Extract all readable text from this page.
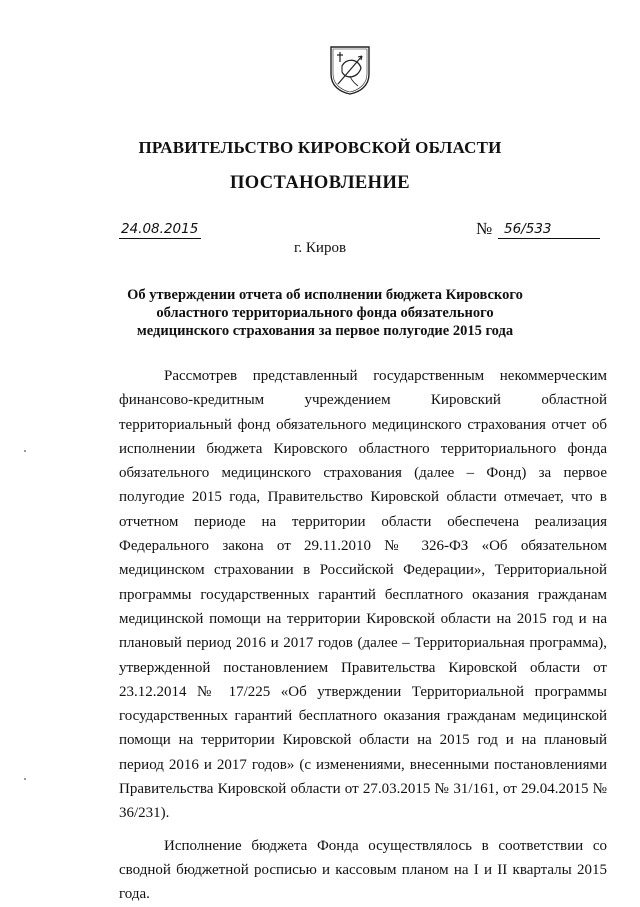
ПРАВИТЕЛЬСТВО КИРОВСКОЙ ОБЛАСТИ
ПОСТАНОВЛЕНИЕ
24.08.2015	№ 56/533
г. Киров
Об утверждении отчета об исполнении бюджета Кировского областного территориального фонда обязательного медицинского страхования за первое полугодие 2015 года

Рассмотрев представленный государственным некоммерческим финансово-кредитным учреждением Кировский областной территориальный фонд обязательного медицинского страхования отчет об исполнении бюджета Кировского областного территориального фонда обязательного медицинского страхования (далее – Фонд) за первое полугодие 2015 года, Правительство Кировской области отмечает, что в отчетном периоде на территории области обеспечена реализация Федерального закона от 29.11.2010 № 326-ФЗ «Об обязательном медицинском страховании в Российской Федерации», Территориальной программы государственных гарантий бесплатного оказания гражданам медицинской помощи на территории Кировской области на 2015 год и на плановый период 2016 и 2017 годов (далее – Территориальная программа), утвержденной постановлением Правительства Кировской области от 23.12.2014 № 17/225 «Об утверждении Территориальной программы государственных гарантий бесплатного оказания гражданам медицинской помощи на территории Кировской области на 2015 год и на плановый период 2016 и 2017 годов» (с изменениями, внесенными постановлениями Правительства Кировской области от 27.03.2015 № 31/161, от 29.04.2015 № 36/231).

Исполнение бюджета Фонда осуществлялось в соответствии со сводной бюджетной росписью и кассовым планом на I и II кварталы 2015 года.
